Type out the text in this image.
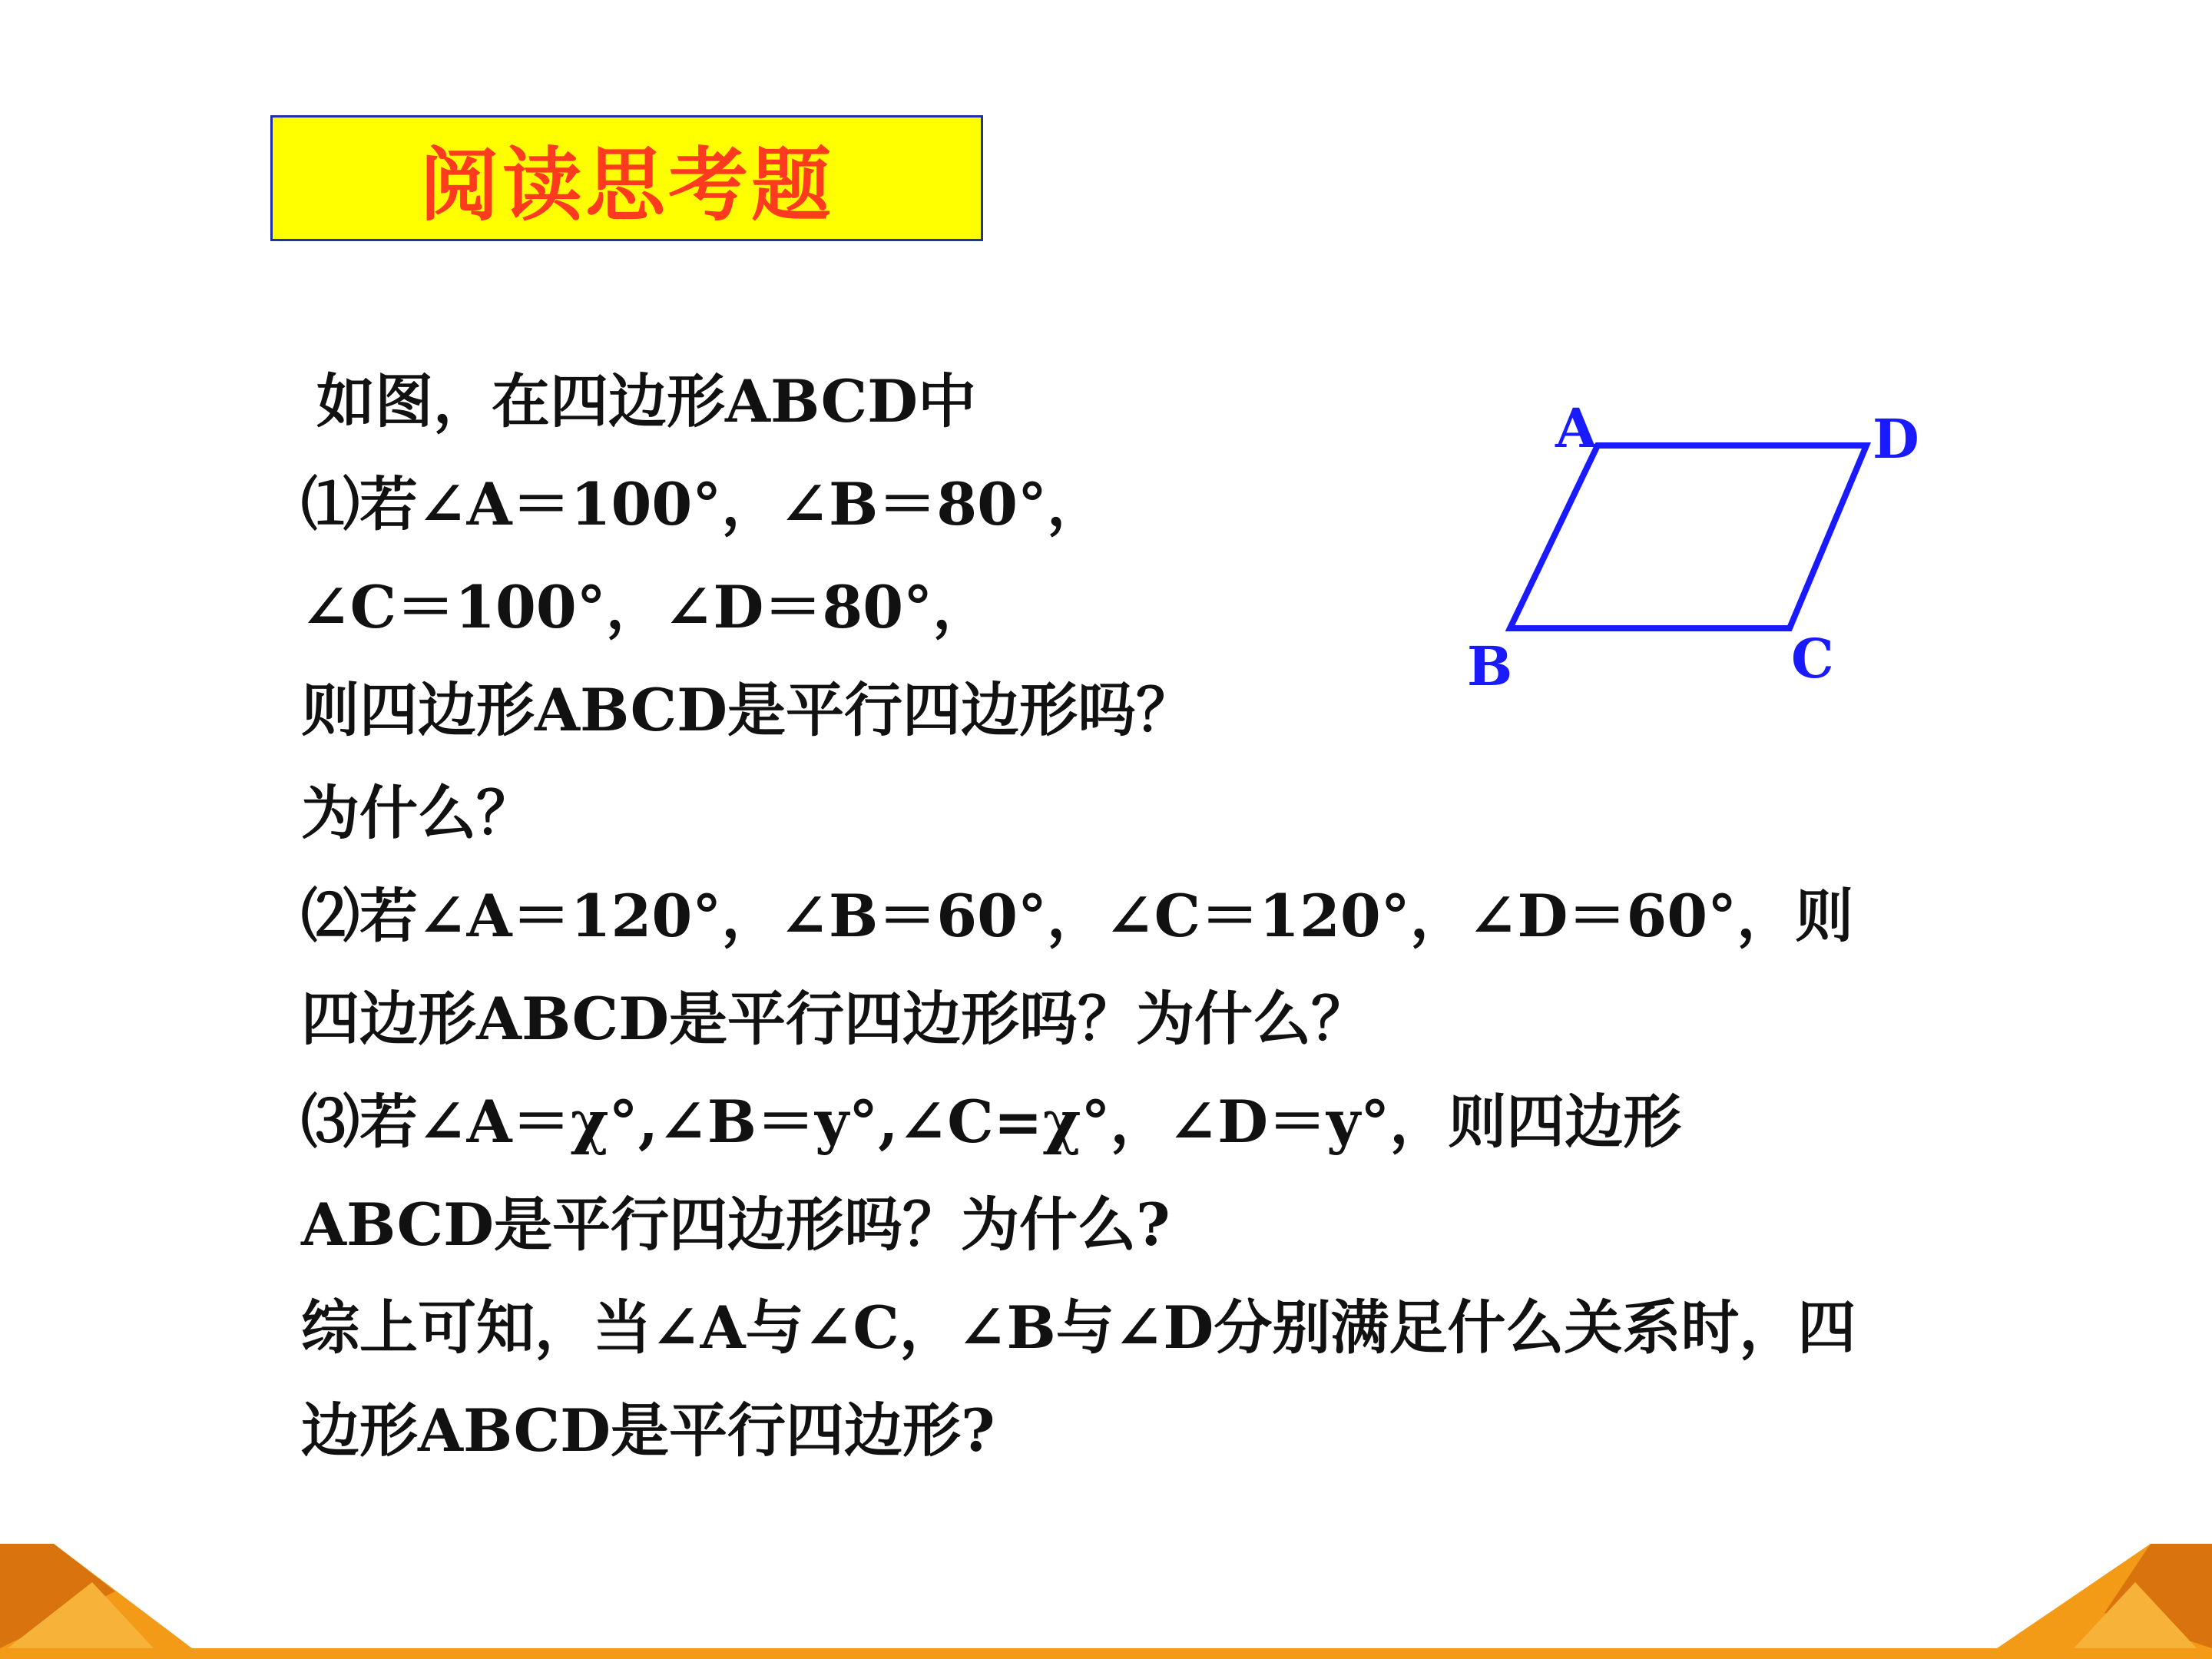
阅读思考题
如图，在四边形ABCD中
⑴若∠A＝100°，∠B＝80°，
∠C＝100°，∠D＝80°，
则四边形ABCD是平行四边形吗？
为什么？
⑵若∠A＝120°，∠B＝60°，∠C＝120°，∠D＝60°，则
四边形ABCD是平行四边形吗？为什么？
⑶若∠A＝χ°,∠B＝y°,∠C=χ°，∠D＝y°，则四边形
ABCD是平行四边形吗？为什么?
综上可知，当∠A与∠C，∠B与∠D分别满足什么关系时，四
边形ABCD是平行四边形?
A	D
B	C
